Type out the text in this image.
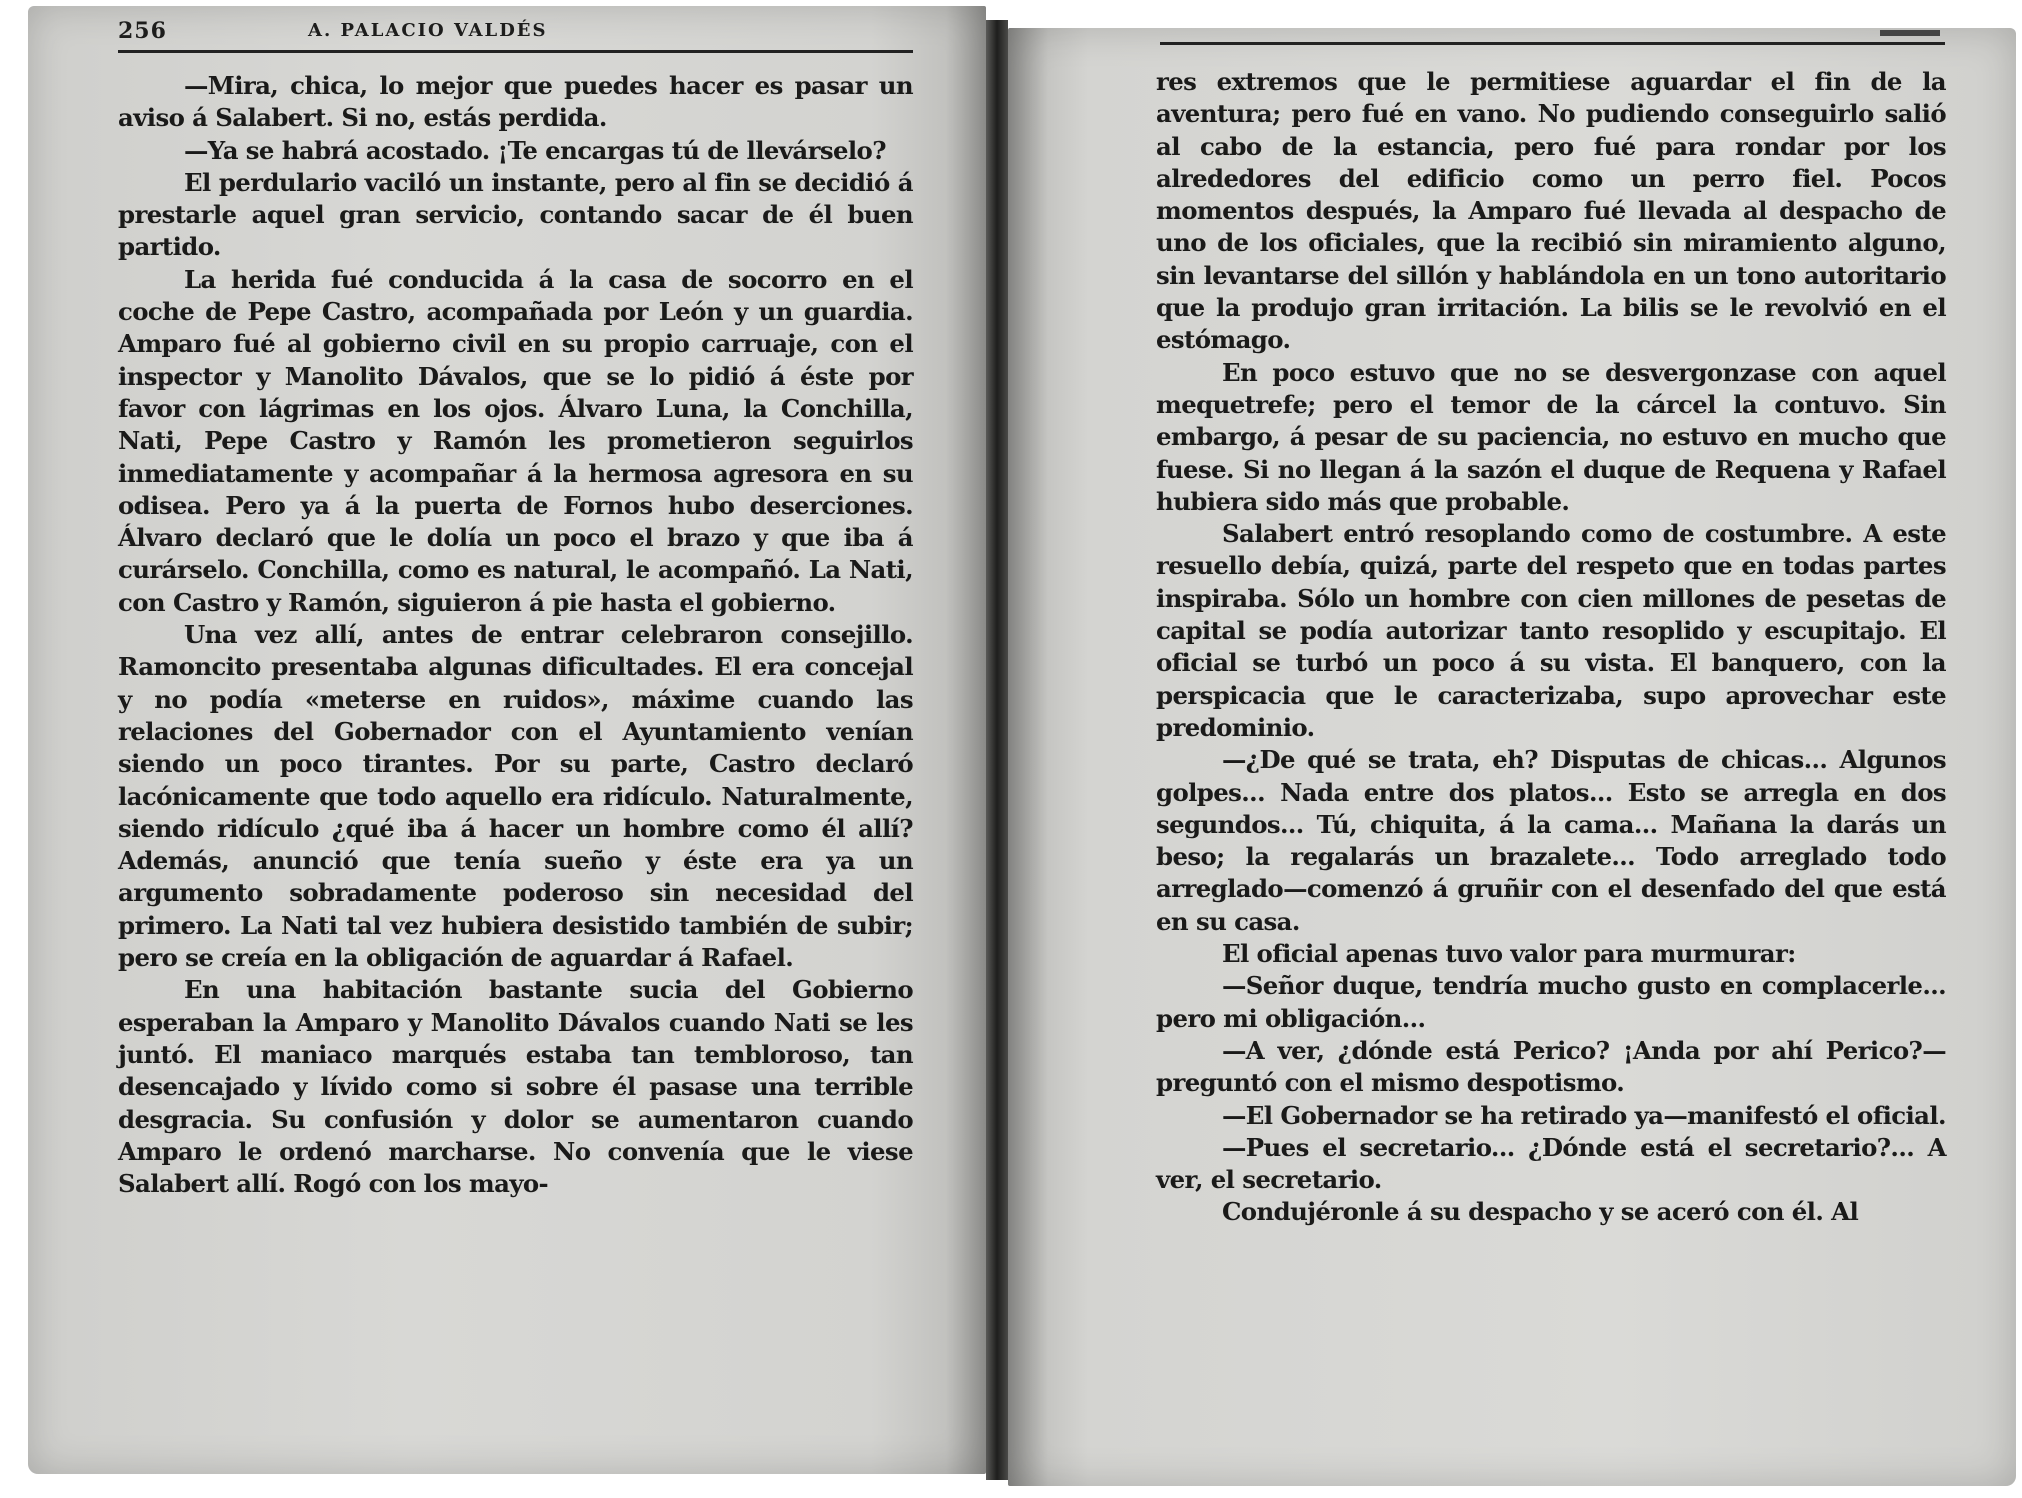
256	A. PALACIO VALDÉS

—Mira, chica, lo mejor que puedes hacer es pasar un aviso á Salabert. Si no, estás perdida.

—Ya se habrá acostado. ¡Te encargas tú de llevárselo?

El perdulario vaciló un instante, pero al fin se decidió á prestarle aquel gran servicio, contando sacar de él buen partido.

La herida fué conducida á la casa de socorro en el coche de Pepe Castro, acompañada por León y un guardia. Amparo fué al gobierno civil en su propio carruaje, con el inspector y Manolito Dávalos, que se lo pidió á éste por favor con lágrimas en los ojos. Álvaro Luna, la Conchilla, Nati, Pepe Castro y Ramón les prometieron seguirlos inmediatamente y acompañar á la hermosa agresora en su odisea. Pero ya á la puerta de Fornos hubo deserciones. Álvaro declaró que le dolía un poco el brazo y que iba á curárselo. Conchilla, como es natural, le acompañó. La Nati, con Castro y Ramón, siguieron á pie hasta el gobierno.

Una vez allí, antes de entrar celebraron consejillo. Ramoncito presentaba algunas dificultades. El era concejal y no podía «meterse en ruidos», máxime cuando las relaciones del Gobernador con el Ayuntamiento venían siendo un poco tirantes. Por su parte, Castro declaró lacónicamente que todo aquello era ridículo. Naturalmente, siendo ridículo ¿qué iba á hacer un hombre como él allí? Además, anunció que tenía sueño y éste era ya un argumento sobradamente poderoso sin necesidad del primero. La Nati tal vez hubiera desistido también de subir; pero se creía en la obligación de aguardar á Rafael.

En una habitación bastante sucia del Gobierno esperaban la Amparo y Manolito Dávalos cuando Nati se les juntó. El maniaco marqués estaba tan tembloroso, tan desencajado y lívido como si sobre él pasase una terrible desgracia. Su confusión y dolor se aumentaron cuando Amparo le ordenó marcharse. No convenía que le viese Salabert allí. Rogó con los mayo-

res extremos que le permitiese aguardar el fin de la aventura; pero fué en vano. No pudiendo conseguirlo salió al cabo de la estancia, pero fué para rondar por los alrededores del edificio como un perro fiel. Pocos momentos después, la Amparo fué llevada al despacho de uno de los oficiales, que la recibió sin miramiento alguno, sin levantarse del sillón y hablándola en un tono autoritario que la produjo gran irritación. La bilis se le revolvió en el estómago.

En poco estuvo que no se desvergonzase con aquel mequetrefe; pero el temor de la cárcel la contuvo. Sin embargo, á pesar de su paciencia, no estuvo en mucho que fuese. Si no llegan á la sazón el duque de Requena y Rafael hubiera sido más que probable.

Salabert entró resoplando como de costumbre. A este resuello debía, quizá, parte del respeto que en todas partes inspiraba. Sólo un hombre con cien millones de pesetas de capital se podía autorizar tanto resoplido y escupitajo. El oficial se turbó un poco á su vista. El banquero, con la perspicacia que le caracterizaba, supo aprovechar este predominio.

—¿De qué se trata, eh? Disputas de chicas... Algunos golpes... Nada entre dos platos... Esto se arregla en dos segundos... Tú, chiquita, á la cama... Mañana la darás un beso; la regalarás un brazalete... Todo arreglado todo arreglado—comenzó á gruñir con el desenfado del que está en su casa.

El oficial apenas tuvo valor para murmurar:

—Señor duque, tendría mucho gusto en complacerle... pero mi obligación...

—A ver, ¿dónde está Perico? ¡Anda por ahí Perico?—preguntó con el mismo despotismo.

—El Gobernador se ha retirado ya—manifestó el oficial.

—Pues el secretario... ¿Dónde está el secretario?... A ver, el secretario.

Condujéronle á su despacho y se aceró con él. Al
